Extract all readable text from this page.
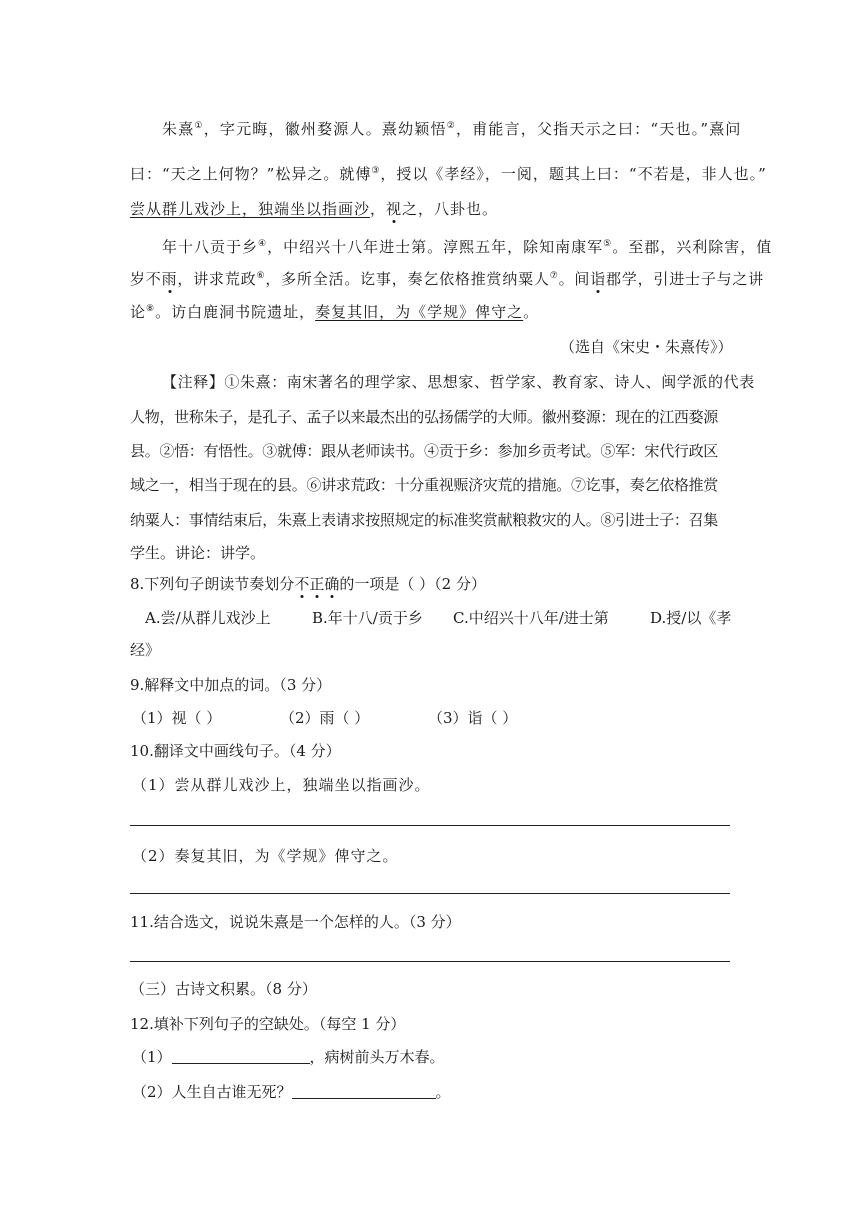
朱熹①，字元晦，徽州婺源人。熹幼颖悟②，甫能言，父指天示之曰：“天也。”熹问
曰：“天之上何物？”松异之。就傅③，授以《孝经》，一阅，题其上曰：“不若是，非人也。”
尝从群儿戏沙上，独端坐以指画沙，视之，八卦也。
年十八贡于乡④，中绍兴十八年进士第。淳熙五年，除知南康军⑤。至郡，兴利除害，值
岁不雨，讲求荒政⑥，多所全活。讫事，奏乞依格推赏纳粟人⑦。间诣郡学，引进士子与之讲
论⑧。访白鹿洞书院遗址，奏复其旧，为《学规》俾守之。
（选自《宋史・朱熹传》）
【注释】①朱熹：南宋著名的理学家、思想家、哲学家、教育家、诗人、闽学派的代表
人物，世称朱子，是孔子、孟子以来最杰出的弘扬儒学的大师。徽州婺源：现在的江西婺源
县。②悟：有悟性。③就傅：跟从老师读书。④贡于乡：参加乡贡考试。⑤军：宋代行政区
域之一，相当于现在的县。⑥讲求荒政：十分重视赈济灾荒的措施。⑦讫事，奏乞依格推赏
纳粟人：事情结束后，朱熹上表请求按照规定的标准奖赏献粮救灾的人。⑧引进士子：召集
学生。讲论：讲学。
8.下列句子朗读节奏划分不正确的一项是（ ）（2 分）
A.尝/从群儿戏沙上	B.年十八/贡于乡 C.中绍兴十八年/进士第	D.授/以《孝
经》
9.解释文中加点的词。（3 分）
（1）视（ ）	（2）雨（ ）	（3）诣（ ）
10.翻译文中画线句子。（4 分）
（1）尝从群儿戏沙上，独端坐以指画沙。
（2）奏复其旧，为《学规》俾守之。
11.结合选文，说说朱熹是一个怎样的人。（3 分）
（三）古诗文积累。（8 分）
12.填补下列句子的空缺处。（每空 1 分）
（1）	，病树前头万木春。
（2）人生自古谁无死？	。
